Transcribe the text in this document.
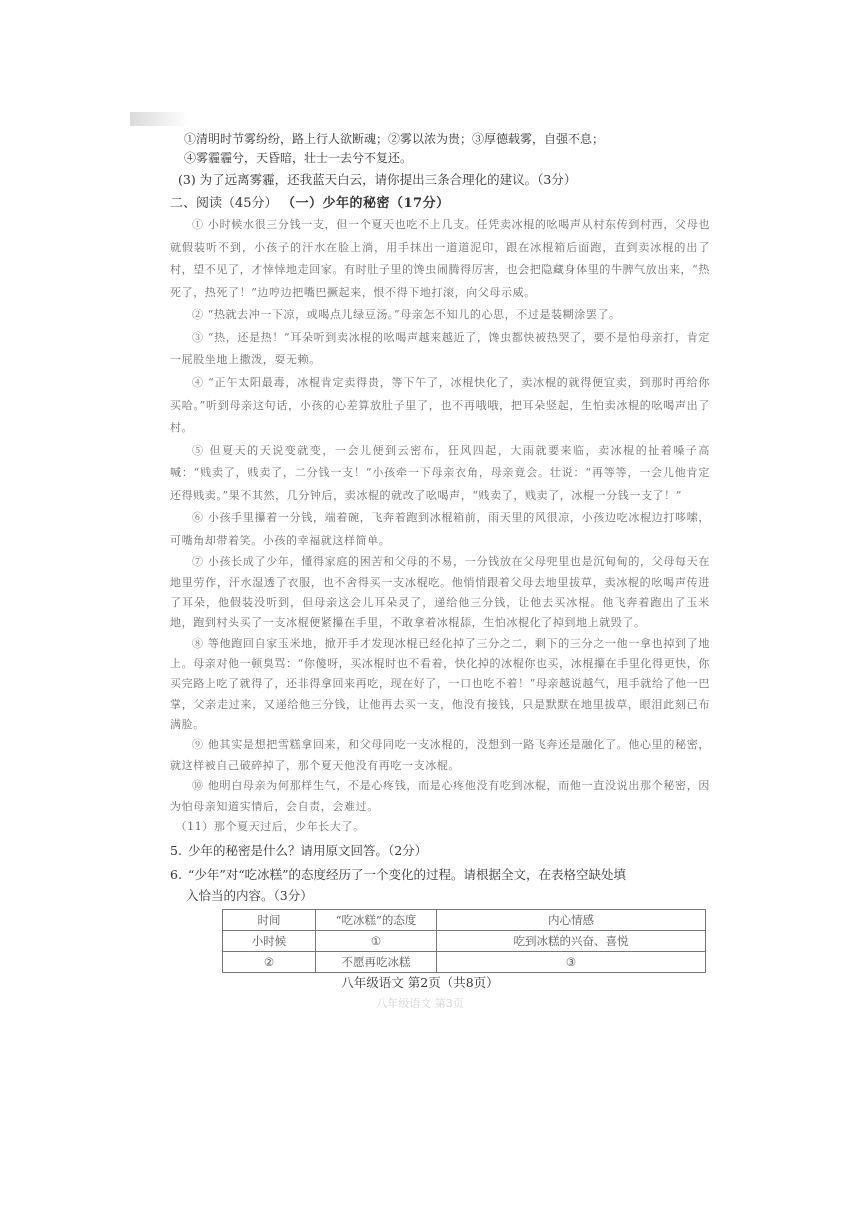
①清明时节雾纷纷，路上行人欲断魂；②雾以浓为贵；③厚德载雾，自强不息；

④雾霾霾兮，天昏暗，壮士一去兮不复还。

(3) 为了远离雾霾，还我蓝天白云，请你提出三条合理化的建议。（3分）

二、阅读（45分） （一）少年的秘密（17分）

① 小时候水很三分钱一支，但一个夏天也吃不上几支。任凭卖冰棍的吆喝声从村东传到村西，父母也就假装听不到，小孩子的汗水在脸上淌，用手抹出一道道泥印，跟在冰棍箱后面跑，直到卖冰棍的出了村，望不见了，才悻悻地走回家。有时肚子里的馋虫闹腾得厉害，也会把隐藏身体里的牛脾气放出来，“热死了，热死了！”边哼边把嘴巴撅起来，恨不得下地打滚，向父母示威。

② “热就去冲一下凉，或喝点儿绿豆汤。”母亲怎不知儿的心思，不过是装糊涂罢了。

③ “热，还是热！”耳朵听到卖冰棍的吆喝声越来越近了，馋虫都快被热哭了，要不是怕母亲打，肯定一屁股坐地上撒泼，耍无赖。

④ “正午太阳最毒，冰棍肯定卖得贵，等下午了，冰棍快化了，卖冰棍的就得便宜卖，到那时再给你买哈。”听到母亲这句话，小孩的心差算放肚子里了，也不再哦哦，把耳朵竖起，生怕卖冰棍的吆喝声出了村。

⑤ 但夏天的天说变就变，一会儿便到云密布，狂风四起，大雨就要来临，卖冰棍的扯着嗓子高喊：“贱卖了，贱卖了，二分钱一支！”小孩牵一下母亲衣角，母亲竟会。壮说：“再等等，一会儿他肯定还得贱卖。”果不其然，几分钟后，卖冰棍的就改了吆喝声，“贱卖了，贱卖了，冰棍一分钱一支了！”

⑥ 小孩手里攥着一分钱，端着碗，飞奔着跑到冰棍箱前，雨天里的风很凉，小孩边吃冰棍边打哆嗦，可嘴角却带着笑。小孩的幸福就这样简单。

⑦ 小孩长成了少年，懂得家庭的困苦和父母的不易，一分钱放在父母兜里也是沉甸甸的，父母每天在地里劳作，汗水湿透了衣服，也不舍得买一支冰棍吃。他悄悄跟着父母去地里拔草，卖冰棍的吆喝声传进了耳朵，他假装没听到，但母亲这会儿耳朵灵了，递给他三分钱，让他去买冰棍。他飞奔着跑出了玉米地，跑到村头买了一支冰棍便紧攥在手里，不敢拿着冰棍舔，生怕冰棍化了掉到地上就毁了。

⑧ 等他跑回自家玉米地，掀开手才发现冰棍已经化掉了三分之二，剩下的三分之一他一拿也掉到了地上。母亲对他一顿臭骂：“你傻呀，买冰棍时也不看着，快化掉的冰棍你也买，冰棍攥在手里化得更快，你买完路上吃了就得了，还非得拿回来再吃，现在好了，一口也吃不着！”母亲越说越气，甩手就给了他一巴掌，父亲走过来，又递给他三分钱，让他再去买一支，他没有接钱，只是默默在地里拔草，眼泪此刻已布满脸。

⑨ 他其实是想把雪糕拿回来，和父母同吃一支冰棍的，没想到一路飞奔还是融化了。他心里的秘密，就这样被自己破碎掉了，那个夏天他没有再吃一支冰棍。

⑩ 他明白母亲为何那样生气，不是心疼钱，而是心疼他没有吃到冰棍，而他一直没说出那个秘密，因为怕母亲知道实情后，会自责，会难过。

（11）那个夏天过后，少年长大了。

5. 少年的秘密是什么？请用原文回答。（2分）
6. “少年”对“吃冰糕”的态度经历了一个变化的过程。请根据全文，在表格空缺处填
入恰当的内容。（3分）
时间	“吃冰糕”的态度	内心情感
小时候	①	吃到冰糕的兴奋、喜悦
②	不愿再吃冰糕	③
八年级语文 第2页（共8页）
八年级语文 第3页
